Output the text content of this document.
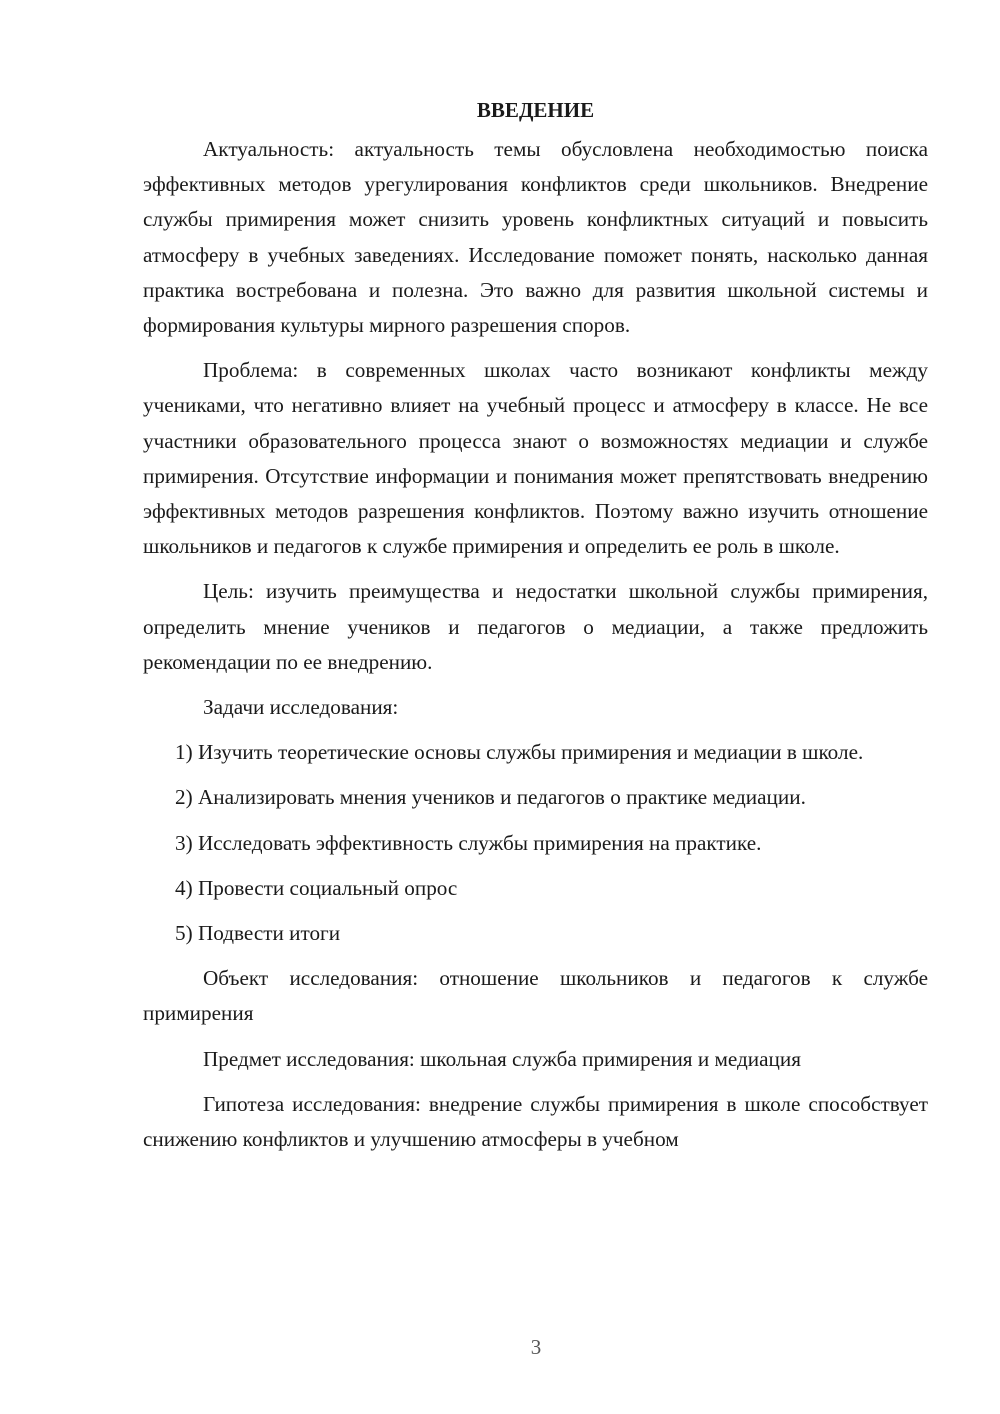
ВВЕДЕНИЕ

Актуальность: актуальность темы обусловлена необходимостью поиска эффективных методов урегулирования конфликтов среди школьников. Внедрение службы примирения может снизить уровень конфликтных ситуаций и повысить атмосферу в учебных заведениях. Исследование поможет понять, насколько данная практика востребована и полезна. Это важно для развития школьной системы и формирования культуры мирного разрешения споров.

Проблема: в современных школах часто возникают конфликты между учениками, что негативно влияет на учебный процесс и атмосферу в классе. Не все участники образовательного процесса знают о возможностях медиации и службе примирения. Отсутствие информации и понимания может препятствовать внедрению эффективных методов разрешения конфликтов. Поэтому важно изучить отношение школьников и педагогов к службе примирения и определить ее роль в школе.

Цель: изучить преимущества и недостатки школьной службы примирения, определить мнение учеников и педагогов о медиации, а также предложить рекомендации по ее внедрению.

Задачи исследования:

1) Изучить теоретические основы службы примирения и медиации в школе.

2) Анализировать мнения учеников и педагогов о практике медиации.

3) Исследовать эффективность службы примирения на практике.

4) Провести социальный опрос

5) Подвести итоги

Объект исследования: отношение школьников и педагогов к службе примирения

Предмет исследования: школьная служба примирения и медиация

Гипотеза исследования: внедрение службы примирения в школе способствует снижению конфликтов и улучшению атмосферы в учебном

3
